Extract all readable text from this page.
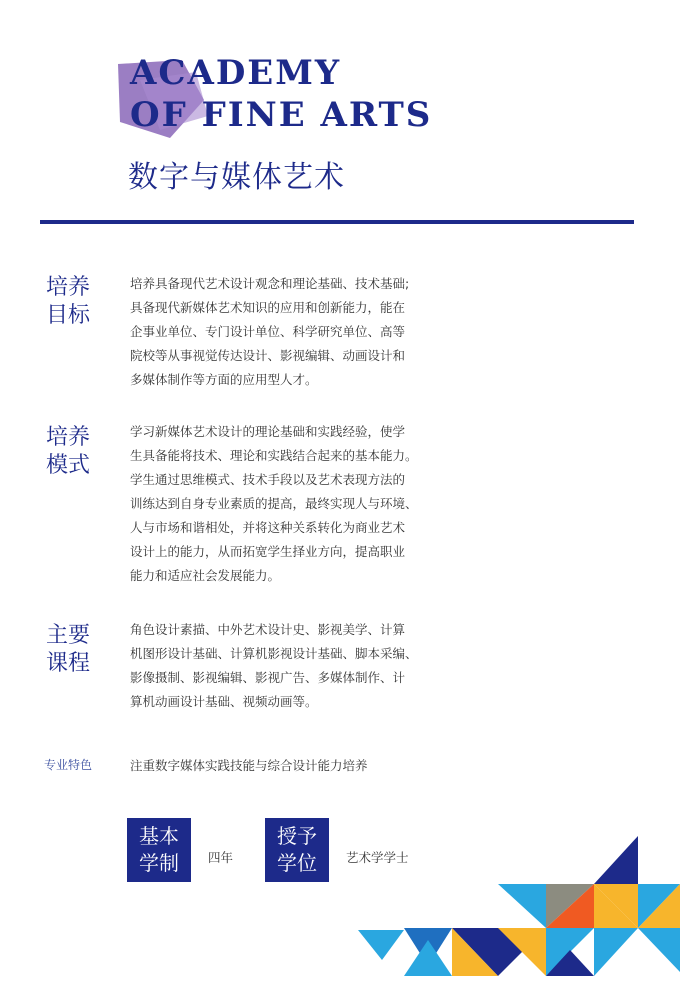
ACADEMY
OF FINE ARTS
数字与媒体艺术
培养
目标
培养具备现代艺术设计观念和理论基础、技术基础;
具备现代新媒体艺术知识的应用和创新能力，能在
企事业单位、专门设计单位、科学研究单位、高等
院校等从事视觉传达设计、影视编辑、动画设计和
多媒体制作等方面的应用型人才。
培养
模式
学习新媒体艺术设计的理论基础和实践经验，使学
生具备能将技术、理论和实践结合起来的基本能力。
学生通过思维模式、技术手段以及艺术表现方法的
训练达到自身专业素质的提高，最终实现人与环境、
人与市场和谐相处，并将这种关系转化为商业艺术
设计上的能力，从而拓宽学生择业方向，提高职业
能力和适应社会发展能力。
主要
课程
角色设计素描、中外艺术设计史、影视美学、计算
机图形设计基础、计算机影视设计基础、脚本采编、
影像摄制、影视编辑、影视广告、多媒体制作、计
算机动画设计基础、视频动画等。
专业特色	注重数字媒体实践技能与综合设计能力培养
基本
学制	四年
授予
学位	艺术学学士
